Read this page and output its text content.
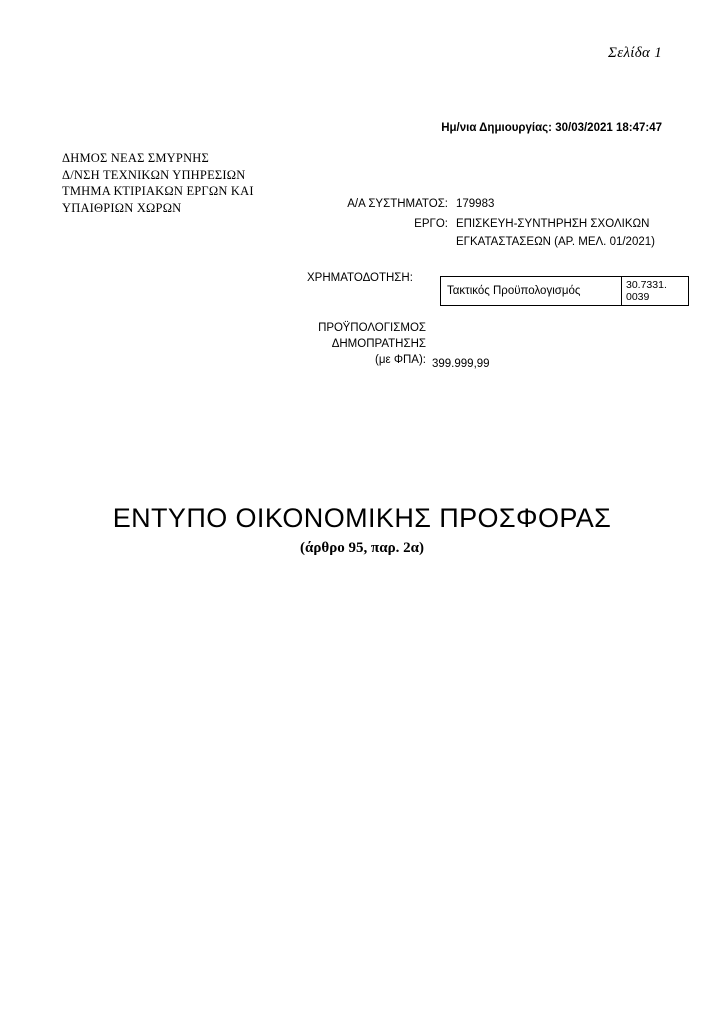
Σελίδα 1
Ημ/νια Δημιουργίας: 30/03/2021 18:47:47
ΔΗΜΟΣ ΝΕΑΣ ΣΜΥΡΝΗΣ
Δ/ΝΣΗ ΤΕΧΝΙΚΩΝ ΥΠΗΡΕΣΙΩΝ
ΤΜΗΜΑ ΚΤΙΡΙΑΚΩΝ ΕΡΓΩΝ ΚΑΙ
ΥΠΑΙΘΡΙΩΝ ΧΩΡΩΝ	Α/Α ΣΥΣΤΗΜΑΤΟΣ: 179983
ΕΡΓΟ: ΕΠΙΣΚΕΥΗ-ΣΥΝΤΗΡΗΣΗ ΣΧΟΛΙΚΩΝ
ΕΓΚΑΤΑΣΤΑΣΕΩΝ (ΑΡ. ΜΕΛ. 01/2021)
ΧΡΗΜΑΤΟΔΟΤΗΣΗ:
Τακτικός Προϋπολογισμός	30.7331.
0039
ΠΡΟΫΠΟΛΟΓΙΣΜΟΣ
ΔΗΜΟΠΡΑΤΗΣΗΣ
(με ΦΠΑ): 399.999,99
ΕΝΤΥΠΟ ΟΙΚΟΝΟΜΙΚΗΣ ΠΡΟΣΦΟΡΑΣ
(άρθρο 95, παρ. 2α)
